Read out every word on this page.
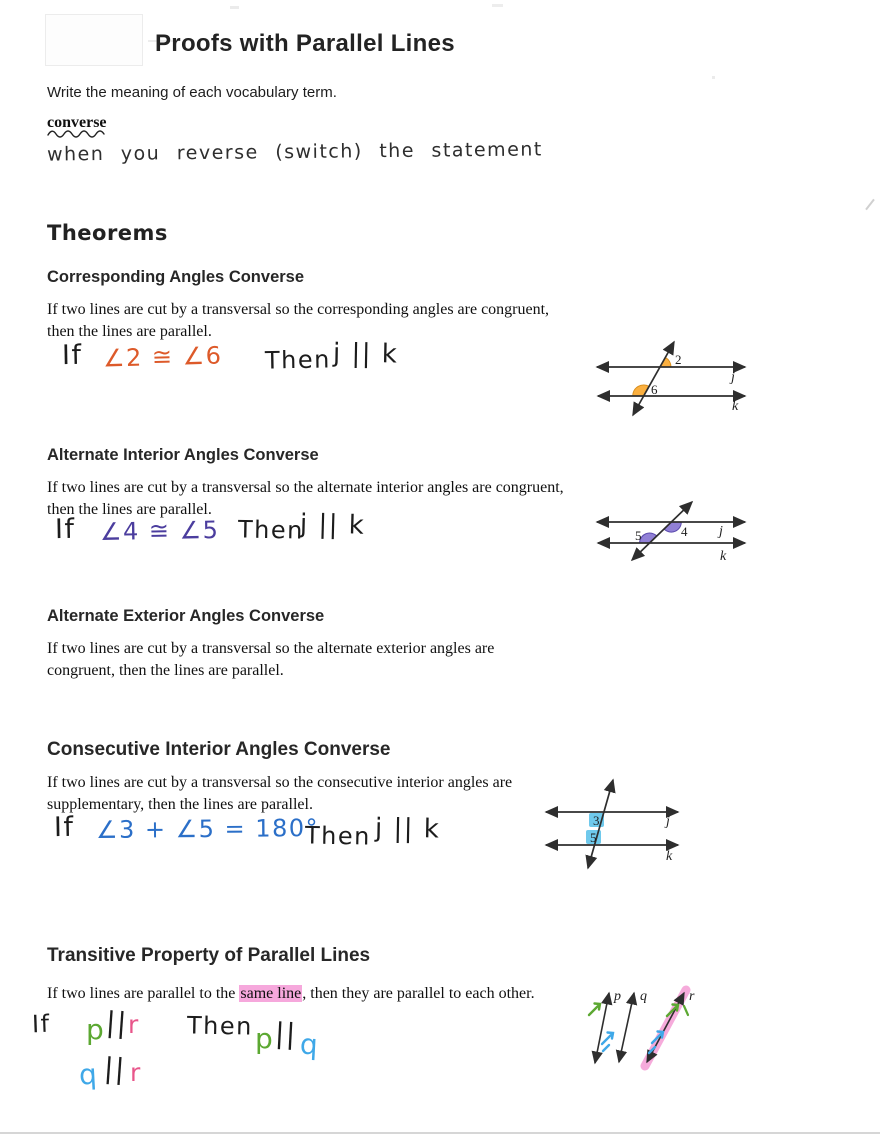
Proofs with Parallel Lines
Write the meaning of each vocabulary term.
converse
when you reverse (switch) the statement
Theorems
Corresponding Angles Converse
If two lines are cut by a transversal so the corresponding angles are congruent,
then the lines are parallel.
If ∠2 ≅ ∠6 Then j || k	2
6
j
k
Alternate Interior Angles Converse
If two lines are cut by a transversal so the alternate interior angles are congruent,
then the lines are parallel.
If ∠4 ≅ ∠5 Then
j || k	4
5	j
k
Alternate Exterior Angles Converse
If two lines are cut by a transversal so the alternate exterior angles are
congruent, then the lines are parallel.
Consecutive Interior Angles Converse
If two lines are cut by a transversal so the consecutive interior angles are
supplementary, then the lines are parallel.
If ∠3 + ∠5 = 180°
Then j || k	3
5
j
k
Transitive Property of Parallel Lines
If two lines are parallel to the same line, then they are parallel to each other.
If p || r Then p || q
q || r
p q	r
